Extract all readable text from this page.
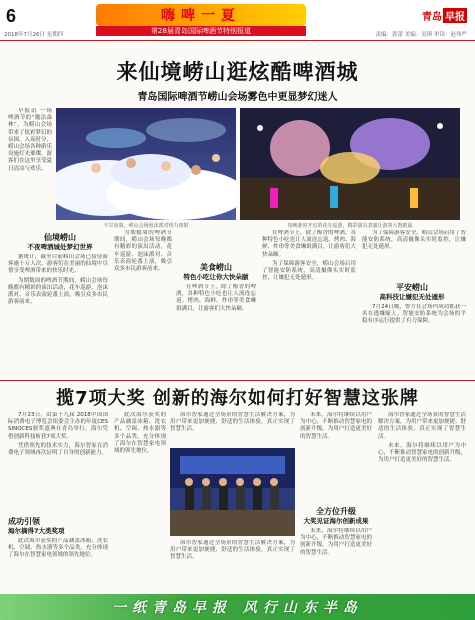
6	嗨啤一夏
第28届青岛国际啤酒节特别报道
青岛 早报
2018年7月26日 星期四	责编：郭蕾 美编：吴琪 审读：赵伟严
来仙境崂山逛炫酷啤酒城
青岛国际啤酒节崂山会场雾色中更显梦幻迷人

早报讯 一场 啤酒节的“魔法森林”，为崂山会场带来了炫彩梦幻的氛围。入夜时分，崂山会场各种游乐设施灯光璀璨，游客们在这里享受夏日清凉与欢乐。

不甘夜幕，崂山会场泡沫派对热力四射	每晚准时开启的花车巡游，精彩演员表演让游客大饱眼福
仙境崂山
不夜啤酒城处梦幻世界

据统计，截至目前崂山会场已接待游客逾十万人次，游客们在美丽的仙境中尽情享受啤酒带来的快乐时光。

为期数周的啤酒节期间，崂山会场每晚都有精彩的演出活动，花车巡游、泡沫派对、音乐表演轮番上演，吸引众多市民游客前来。

为期数周的啤酒节期间，崂山会场每晚都有精彩的演出活动，花车巡游、泡沫派对、音乐表演轮番上演，吸引众多市民游客前来。	美食崂山
特色小吃让你大快朵颐

在啤酒节上，除了醇香的啤酒，各种特色小吃也让人流连忘返。烤肉、海鲜、炸串等美食琳琅满目，让游客们大快朵颐。

在啤酒节上，除了醇香的啤酒，各种特色小吃也让人流连忘返。烤肉、海鲜、炸串等美食琳琅满目，让游客们大快朵颐。

为了保障游客安全，崂山会场启用了智能安防系统，高清摄像头实时监控，让嫌犯无处遁形。

平安崂山
高科技让嫌犯无处遁形

为了保障游客安全，崂山会场启用了智能安防系统，高清摄像头实时监控，让嫌犯无处遁形。

7月24日晚，警方在会场内成功抓获一名在逃嫌疑人。智能安防系统为会场的平稳有序运行提供了有力保障。

揽7项大奖 创新的海尔如何打好智慧这张牌

7月23日，由第十九届 2018中国国际消费电子博览会组委会主办的年度CES SINOCES颁奖盛典在青岛举行，海尔凭借创新科技斩获7项大奖。

凭借领先的技术实力，海尔智家在消费电子领域再次证明了自身的创新能力。

成功引领
海尔摘得7大类奖项

此次海尔获奖的产品涵盖冰箱、洗衣机、空调、热水器等多个品类，充分体现了海尔在智慧家电领域的领先地位。

此次海尔获奖的产品涵盖冰箱、洗衣机、空调、热水器等多个品类，充分体现了海尔在智慧家电领域的领先地位。

海尔智家通过全场景的智慧生活解决方案，为用户带来更加便捷、舒适的生活体验，真正实现了智慧生活。

海尔智家通过全场景的智慧生活解决方案，为用户带来更加便捷、舒适的生活体验，真正实现了智慧生活。

未来，海尔将继续以用户为中心，不断推动智慧家电的创新升级，为用户打造更美好的智慧生活。

全方位升级
大奖见证海尔创新成果

未来，海尔将继续以用户为中心，不断推动智慧家电的创新升级，为用户打造更美好的智慧生活。

海尔智家通过全场景的智慧生活解决方案，为用户带来更加便捷、舒适的生活体验，真正实现了智慧生活。

未来，海尔将继续以用户为中心，不断推动智慧家电的创新升级，为用户打造更美好的智慧生活。

一纸青岛早报 风行山东半岛
